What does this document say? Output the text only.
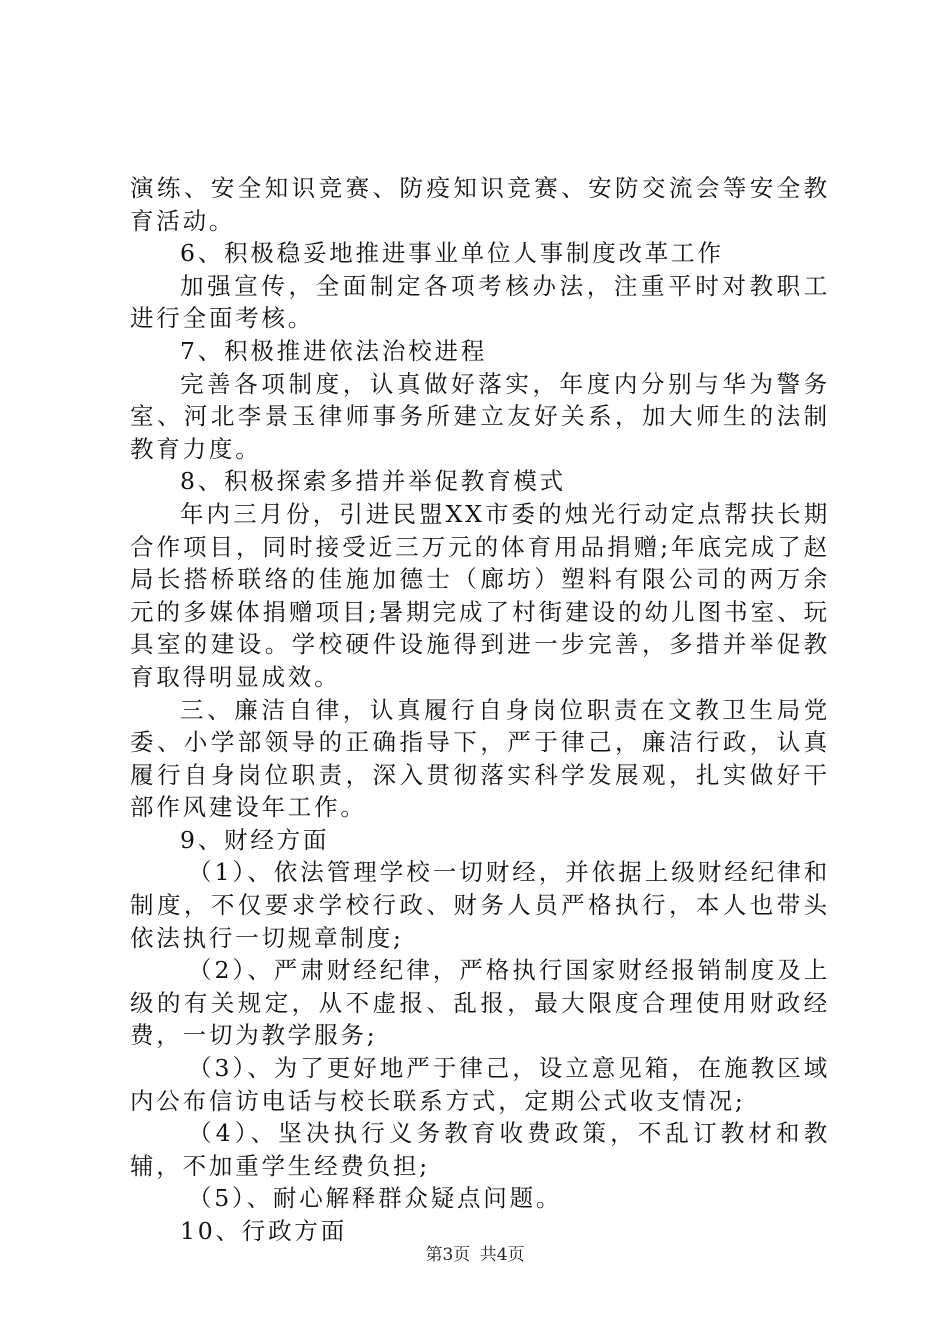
演练、安全知识竞赛、防疫知识竞赛、安防交流会等安全教育活动。

6、积极稳妥地推进事业单位人事制度改革工作

加强宣传，全面制定各项考核办法，注重平时对教职工进行全面考核。

7、积极推进依法治校进程

完善各项制度，认真做好落实，年度内分别与华为警务室、河北李景玉律师事务所建立友好关系，加大师生的法制教育力度。

8、积极探索多措并举促教育模式

年内三月份，引进民盟XX市委的烛光行动定点帮扶长期合作项目，同时接受近三万元的体育用品捐赠;年底完成了赵局长搭桥联络的佳施加德士（廊坊）塑料有限公司的两万余元的多媒体捐赠项目;暑期完成了村街建设的幼儿图书室、玩具室的建设。学校硬件设施得到进一步完善，多措并举促教育取得明显成效。

三、廉洁自律，认真履行自身岗位职责在文教卫生局党委、小学部领导的正确指导下，严于律己，廉洁行政，认真履行自身岗位职责，深入贯彻落实科学发展观，扎实做好干部作风建设年工作。

9、财经方面

（1）、依法管理学校一切财经，并依据上级财经纪律和制度，不仅要求学校行政、财务人员严格执行，本人也带头依法执行一切规章制度;

（2）、严肃财经纪律，严格执行国家财经报销制度及上级的有关规定，从不虚报、乱报，最大限度合理使用财政经费，一切为教学服务;

（3）、为了更好地严于律己，设立意见箱，在施教区域内公布信访电话与校长联系方式，定期公式收支情况;

（4）、坚决执行义务教育收费政策，不乱订教材和教辅，不加重学生经费负担;

（5）、耐心解释群众疑点问题。

10、行政方面

第3页 共4页
